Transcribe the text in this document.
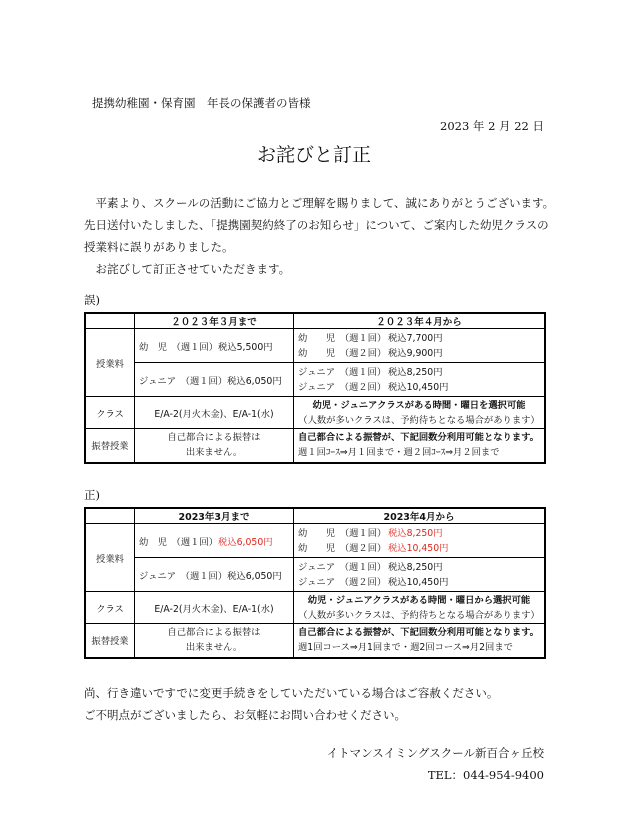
提携幼稚園・保育園　年長の保護者の皆様
2023 年 2 月 22 日
お詫びと訂正

　平素より、スクールの活動にご協力とご理解を賜りまして、誠にありがとうございます。

先日送付いたしました、「提携園契約終了のお知らせ」について、ご案内した幼児クラスの

授業料に誤りがありました。

　お詫びして訂正させていただきます。

誤)
	２０２３年３月まで	２０２３年４月から
授業料	幼　児　（週１回）税込5,500円	幼　　児　（週１回） 税込7,700円
幼　　児　（週２回） 税込9,900円

	ジュニア　（週１回）税込6,050円	ジュニア　（週１回） 税込8,250円
ジュニア　（週２回） 税込10,450円

クラス	E/A-2(月火木金)、E/A-1(水)	幼児・ジュニアクラスがある時間・曜日を選択可能
（人数が多いクラスは、予約待ちとなる場合があります）

振替授業	自己都合による振替は
出来ません。	自己都合による振替が、下記回数分利用可能となります。
週１回ｺｰｽ⇒月１回まで・週２回ｺｰｽ⇒月２回まで
正)
	2023年3月まで	2023年4月から
授業料	幼　児　（週１回）税込6,050円	幼　　児　（週１回） 税込8,250円
幼　　児　（週２回） 税込10,450円

	ジュニア　（週１回）税込6,050円	ジュニア　（週１回） 税込8,250円
ジュニア　（週２回） 税込10,450円

クラス	E/A-2(月火木金)、E/A-1(水)	幼児・ジュニアクラスがある時間・曜日から選択可能
（人数が多いクラスは、予約待ちとなる場合があります）

振替授業	自己都合による振替は
出来ません。	自己都合による振替が、下記回数分利用可能となります。
週1回コース⇒月1回まで・週2回コース⇒月2回まで

尚、行き違いですでに変更手続きをしていただいている場合はご容赦ください。

ご不明点がございましたら、お気軽にお問い合わせください。

イトマンスイミングスクール新百合ヶ丘校

TEL：044-954-9400
